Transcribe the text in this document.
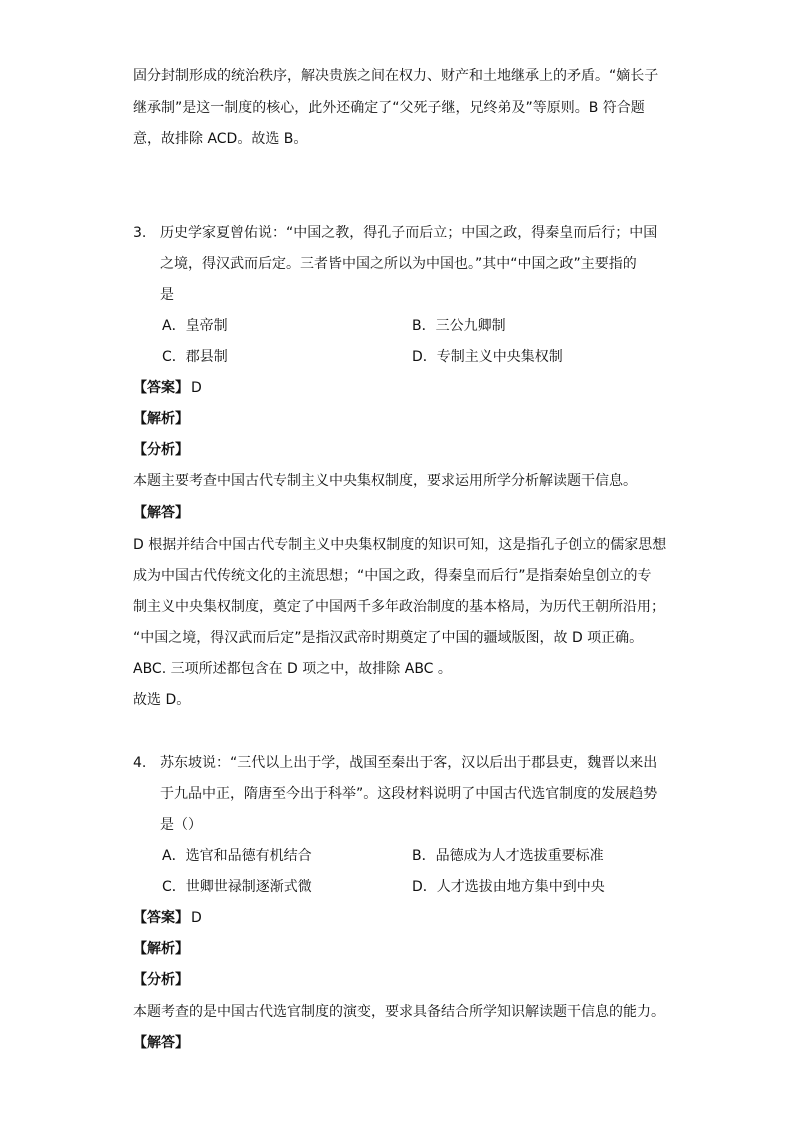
固分封制形成的统治秩序，解决贵族之间在权力、财产和土地继承上的矛盾。“嫡长子
继承制”是这一制度的核心，此外还确定了“父死子继，兄终弟及”等原则。B 符合题
意，故排除 ACD。故选 B。
3. 历史学家夏曾佑说：“中国之教，得孔子而后立；中国之政，得秦皇而后行；中国
之境，得汉武而后定。三者皆中国之所以为中国也。”其中“中国之政”主要指的
是
A．皇帝制	B．三公九卿制
C．郡县制	D．专制主义中央集权制
【答案】 D
【解析】
【分析】
本题主要考查中国古代专制主义中央集权制度，要求运用所学分析解读题干信息。
【解答】
D 根据并结合中国古代专制主义中央集权制度的知识可知，这是指孔子创立的儒家思想
成为中国古代传统文化的主流思想；“中国之政，得秦皇而后行”是指秦始皇创立的专
制主义中央集权制度，奠定了中国两千多年政治制度的基本格局，为历代王朝所沿用；
“中国之境，得汉武而后定”是指汉武帝时期奠定了中国的疆域版图，故 D 项正确。
ABC. 三项所述都包含在 D 项之中，故排除 ABC 。
故选 D。
4. 苏东坡说：“三代以上出于学，战国至秦出于客，汉以后出于郡县吏，魏晋以来出
于九品中正，隋唐至今出于科举”。这段材料说明了中国古代选官制度的发展趋势
是（）
A．选官和品德有机结合	B．品德成为人才选拔重要标准
C．世卿世禄制逐渐式微	D．人才选拔由地方集中到中央
【答案】 D
【解析】
【分析】
本题考查的是中国古代选官制度的演变，要求具备结合所学知识解读题干信息的能力。
【解答】
